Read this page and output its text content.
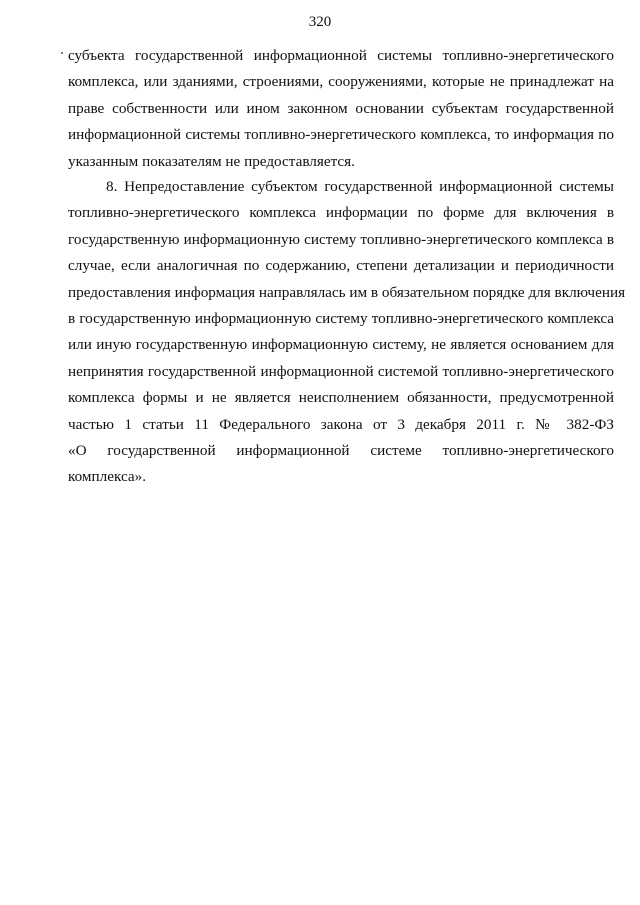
320
субъекта государственной информационной системы топливно-энергетического
комплекса, или зданиями, строениями, сооружениями, которые не принадлежат на
праве собственности или ином законном основании субъектам государственной
информационной системы топливно-энергетического комплекса, то информация по
указанным показателям не предоставляется.
8. Непредоставление субъектом государственной информационной системы
топливно-энергетического комплекса информации по форме для включения в
государственную информационную систему топливно-энергетического комплекса в
случае, если аналогичная по содержанию, степени детализации и периодичности
предоставления информация направлялась им в обязательном порядке для включения
в государственную информационную систему топливно-энергетического комплекса
или иную государственную информационную систему, не является основанием для
непринятия государственной информационной системой топливно-энергетического
комплекса формы и не является неисполнением обязанности, предусмотренной
частью 1 статьи 11 Федерального закона от 3 декабря 2011 г. № 382-ФЗ
«О государственной информационной системе топливно-энергетического
комплекса».
